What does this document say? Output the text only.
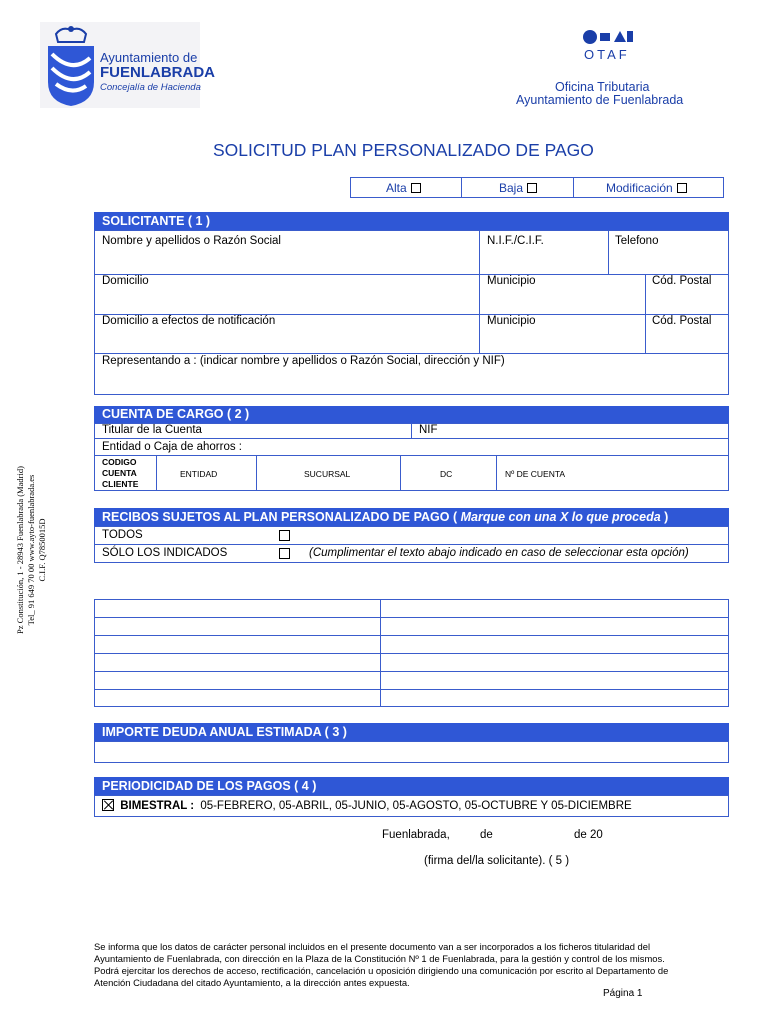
Ayuntamiento de
FUENLABRADA
Concejalía de Hacienda
OTAF
Oficina Tributaria
Ayuntamiento de Fuenlabrada
SOLICITUD PLAN PERSONALIZADO DE PAGO
Alta	Baja	Modificación
SOLICITANTE ( 1 )
Nombre y apellidos o Razón Social	N.I.F./C.I.F.	Telefono
Domicilio	Municipio	Cód. Postal
Domicilio a efectos de notificación	Municipio	Cód. Postal
Representando a : (indicar nombre y apellidos o Razón Social, dirección y NIF)
CUENTA DE CARGO ( 2 )
Titular de la Cuenta	NIF
Entidad o Caja de ahorros :
CODIGO
CUENTA
CLIENTE
ENTIDAD	SUCURSAL	DC	Nº DE CUENTA
RECIBOS SUJETOS AL PLAN PERSONALIZADO DE PAGO ( Marque con una X lo que proceda )
TODOS
SÓLO LOS INDICADOS	(Cumplimentar el texto abajo indicado en caso de seleccionar esta opción)
IMPUESTO	OBJETO TRIBUTARIO
IMPORTE DEUDA ANUAL ESTIMADA ( 3 )
PERIODICIDAD DE LOS PAGOS ( 4 )
BIMESTRAL : 05-FEBRERO, 05-ABRIL, 05-JUNIO, 05-AGOSTO, 05-OCTUBRE Y 05-DICIEMBRE
Fuenlabrada,	de	de 20
(firma del/la solicitante). ( 5 )
Pz Constitución, 1 - 28943 Fuenlabrada (Madrid) Tel_ 91 649 70 00 www.ayto-fuenlabrada.es C.I.F. Q7850015D
Se informa que los datos de carácter personal incluidos en el presente documento van a ser incorporados a los ficheros titularidad del
Ayuntamiento de Fuenlabrada, con dirección en la Plaza de la Constitución Nº 1 de Fuenlabrada, para la gestión y control de los mismos.
Podrá ejercitar los derechos de acceso, rectificación, cancelación u oposición dirigiendo una comunicación por escrito al Departamento de
Atención Ciudadana del citado Ayuntamiento, a la dirección antes expuesta.
Página 1
